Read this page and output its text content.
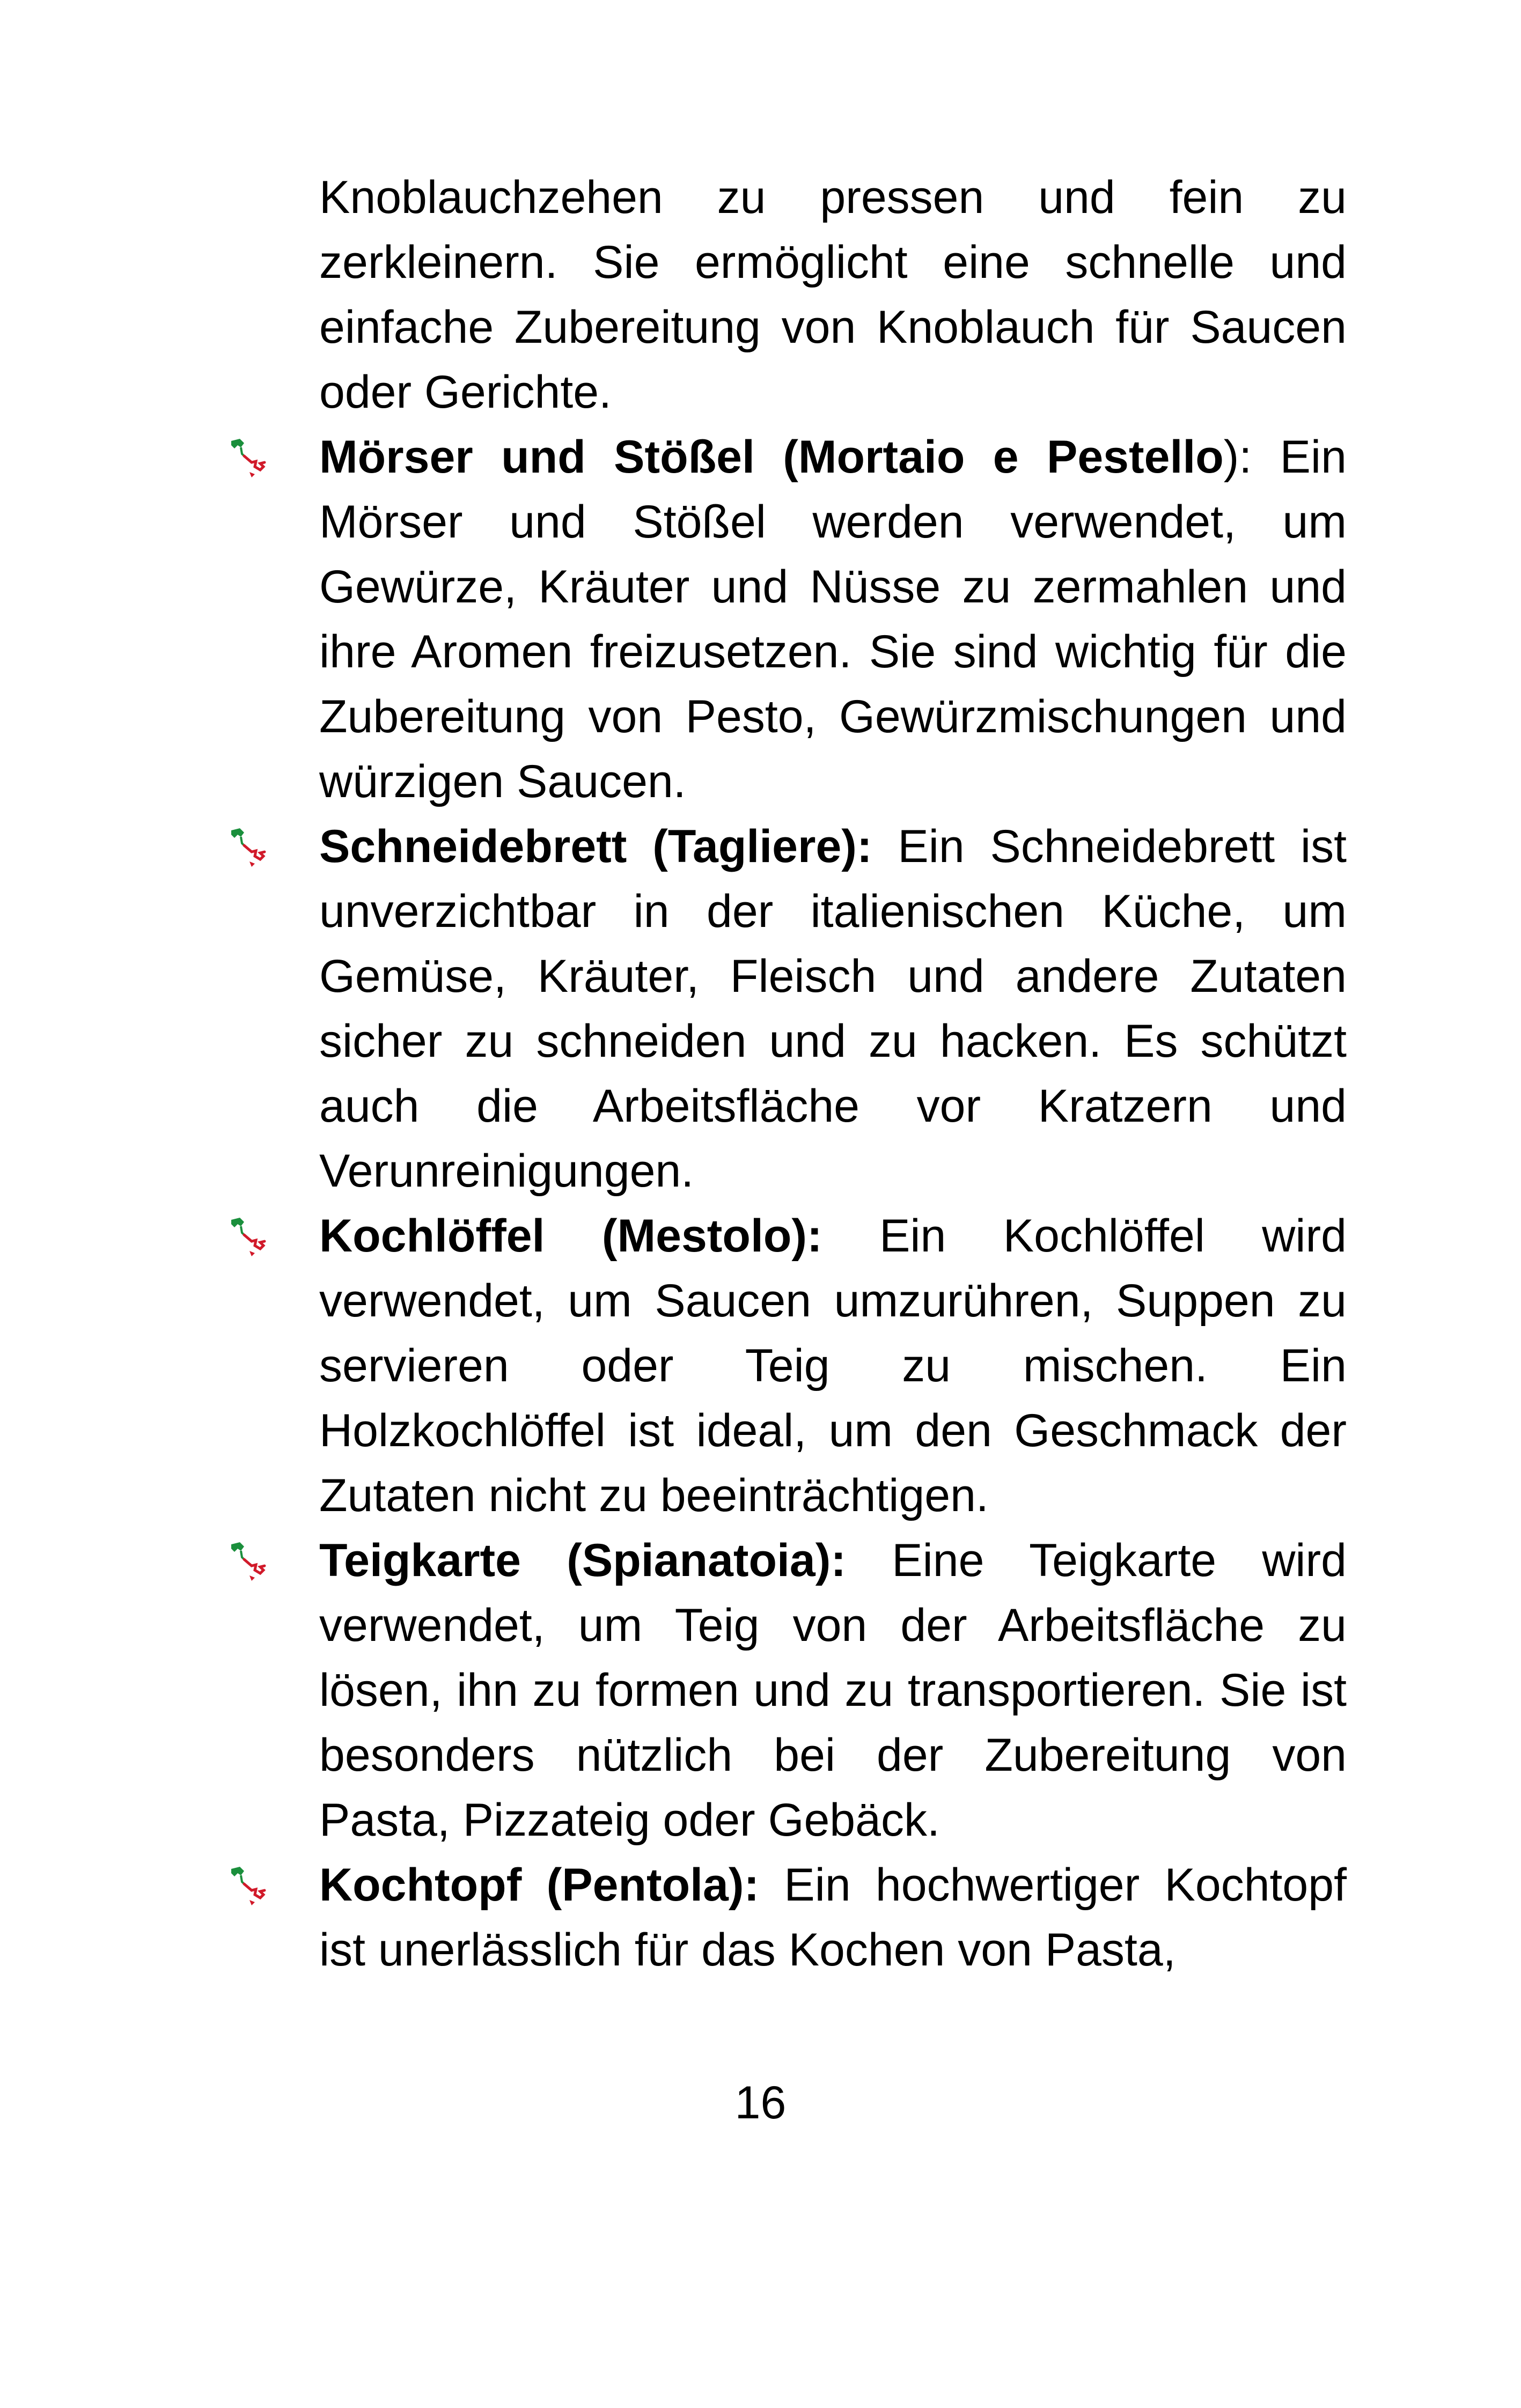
Knoblauchzehen zu pressen und fein zu zerkleinern. Sie ermöglicht eine schnelle und einfache Zubereitung von Knoblauch für Saucen oder Gerichte.

Mörser und Stößel (Mortaio e Pestello): Ein Mörser und Stößel werden verwendet, um Gewürze, Kräuter und Nüsse zu zermahlen und ihre Aromen freizusetzen. Sie sind wichtig für die Zubereitung von Pesto, Gewürzmischungen und würzigen Saucen.

Schneidebrett (Tagliere): Ein Schneidebrett ist unverzichtbar in der italienischen Küche, um Gemüse, Kräuter, Fleisch und andere Zutaten sicher zu schneiden und zu hacken. Es schützt auch die Arbeitsfläche vor Kratzern und Verunreinigungen.

Kochlöffel (Mestolo): Ein Kochlöffel wird verwendet, um Saucen umzurühren, Suppen zu servieren oder Teig zu mischen. Ein Holzkochlöffel ist ideal, um den Geschmack der Zutaten nicht zu beeinträchtigen.

Teigkarte (Spianatoia): Eine Teigkarte wird verwendet, um Teig von der Arbeitsfläche zu lösen, ihn zu formen und zu transportieren. Sie ist besonders nützlich bei der Zubereitung von Pasta, Pizzateig oder Gebäck.

Kochtopf (Pentola): Ein hochwertiger Kochtopf ist unerlässlich für das Kochen von Pasta,

16
